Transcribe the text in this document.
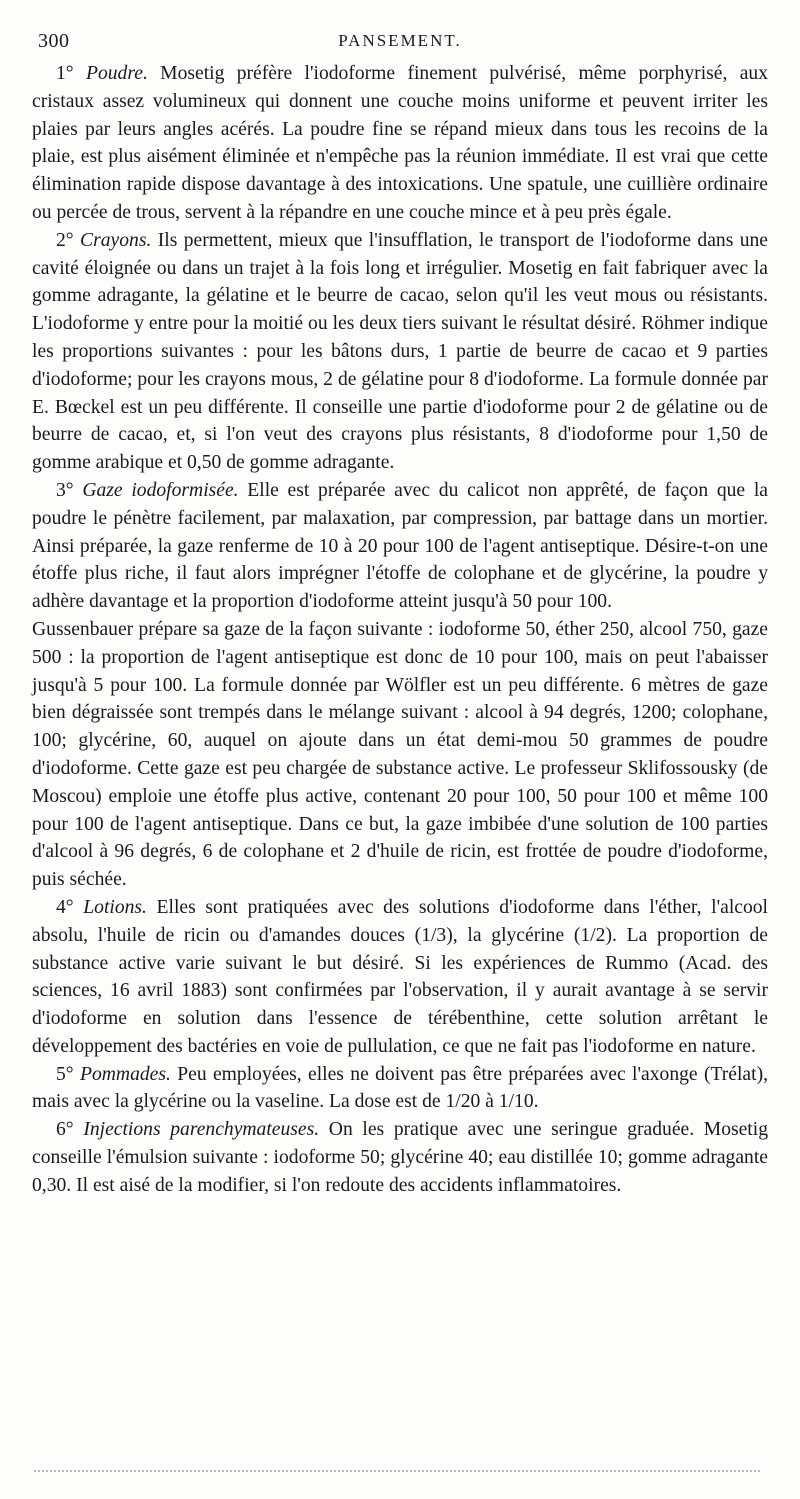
300	PANSEMENT.

1° Poudre. Mosetig préfère l'iodoforme finement pulvérisé, même porphyrisé, aux cristaux assez volumineux qui donnent une couche moins uniforme et peuvent irriter les plaies par leurs angles acérés. La poudre fine se répand mieux dans tous les recoins de la plaie, est plus aisément éliminée et n'empêche pas la réunion immédiate. Il est vrai que cette élimination rapide dispose davantage à des intoxications. Une spatule, une cuillière ordinaire ou percée de trous, servent à la répandre en une couche mince et à peu près égale.

2° Crayons. Ils permettent, mieux que l'insufflation, le transport de l'iodoforme dans une cavité éloignée ou dans un trajet à la fois long et irrégulier. Mosetig en fait fabriquer avec la gomme adragante, la gélatine et le beurre de cacao, selon qu'il les veut mous ou résistants. L'iodoforme y entre pour la moitié ou les deux tiers suivant le résultat désiré. Röhmer indique les proportions suivantes : pour les bâtons durs, 1 partie de beurre de cacao et 9 parties d'iodoforme; pour les crayons mous, 2 de gélatine pour 8 d'iodoforme. La formule donnée par E. Bœckel est un peu différente. Il conseille une partie d'iodoforme pour 2 de gélatine ou de beurre de cacao, et, si l'on veut des crayons plus résistants, 8 d'iodoforme pour 1,50 de gomme arabique et 0,50 de gomme adragante.

3° Gaze iodoformisée. Elle est préparée avec du calicot non apprêté, de façon que la poudre le pénètre facilement, par malaxation, par compression, par battage dans un mortier. Ainsi préparée, la gaze renferme de 10 à 20 pour 100 de l'agent antiseptique. Désire-t-on une étoffe plus riche, il faut alors imprégner l'étoffe de colophane et de glycérine, la poudre y adhère davantage et la proportion d'iodoforme atteint jusqu'à 50 pour 100.

Gussenbauer prépare sa gaze de la façon suivante : iodoforme 50, éther 250, alcool 750, gaze 500 : la proportion de l'agent antiseptique est donc de 10 pour 100, mais on peut l'abaisser jusqu'à 5 pour 100. La formule donnée par Wölfler est un peu différente. 6 mètres de gaze bien dégraissée sont trempés dans le mélange suivant : alcool à 94 degrés, 1200; colophane, 100; glycérine, 60, auquel on ajoute dans un état demi-mou 50 grammes de poudre d'iodoforme. Cette gaze est peu chargée de substance active. Le professeur Sklifossousky (de Moscou) emploie une étoffe plus active, contenant 20 pour 100, 50 pour 100 et même 100 pour 100 de l'agent antiseptique. Dans ce but, la gaze imbibée d'une solution de 100 parties d'alcool à 96 degrés, 6 de colophane et 2 d'huile de ricin, est frottée de poudre d'iodoforme, puis séchée.

4° Lotions. Elles sont pratiquées avec des solutions d'iodoforme dans l'éther, l'alcool absolu, l'huile de ricin ou d'amandes douces (1/3), la glycérine (1/2). La proportion de substance active varie suivant le but désiré. Si les expériences de Rummo (Acad. des sciences, 16 avril 1883) sont confirmées par l'observation, il y aurait avantage à se servir d'iodoforme en solution dans l'essence de térébenthine, cette solution arrêtant le développement des bactéries en voie de pullulation, ce que ne fait pas l'iodoforme en nature.

5° Pommades. Peu employées, elles ne doivent pas être préparées avec l'axonge (Trélat), mais avec la glycérine ou la vaseline. La dose est de 1/20 à 1/10.

6° Injections parenchymateuses. On les pratique avec une seringue graduée. Mosetig conseille l'émulsion suivante : iodoforme 50; glycérine 40; eau distillée 10; gomme adragante 0,30. Il est aisé de la modifier, si l'on redoute des accidents inflammatoires.
